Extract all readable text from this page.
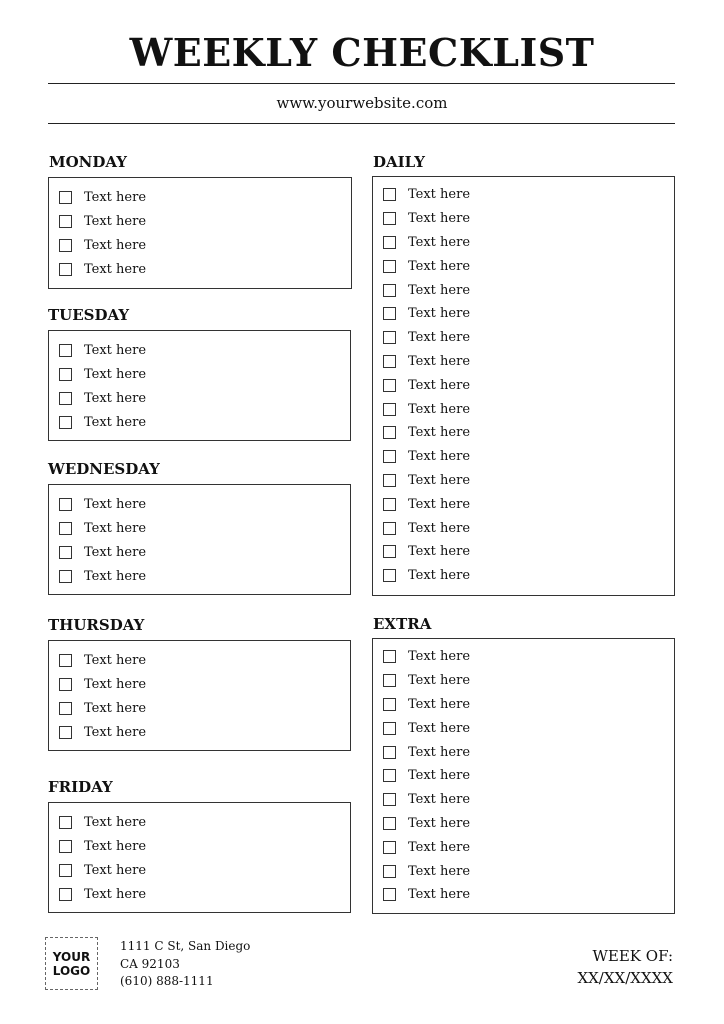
WEEKLY CHECKLIST
www.yourwebsite.com
MONDAY
Text here
Text here
Text here
Text here
TUESDAY
Text here
Text here
Text here
Text here
WEDNESDAY
Text here
Text here
Text here
Text here
THURSDAY
Text here
Text here
Text here
Text here
FRIDAY
Text here
Text here
Text here
Text here
DAILY
Text here
Text here
Text here
Text here
Text here
Text here
Text here
Text here
Text here
Text here
Text here
Text here
Text here
Text here
Text here
Text here
Text here
EXTRA
Text here
Text here
Text here
Text here
Text here
Text here
Text here
Text here
Text here
Text here
Text here
YOUR
LOGO
1111 C St, San Diego
CA 92103
(610) 888-1111
WEEK OF:
XX/XX/XXXX
